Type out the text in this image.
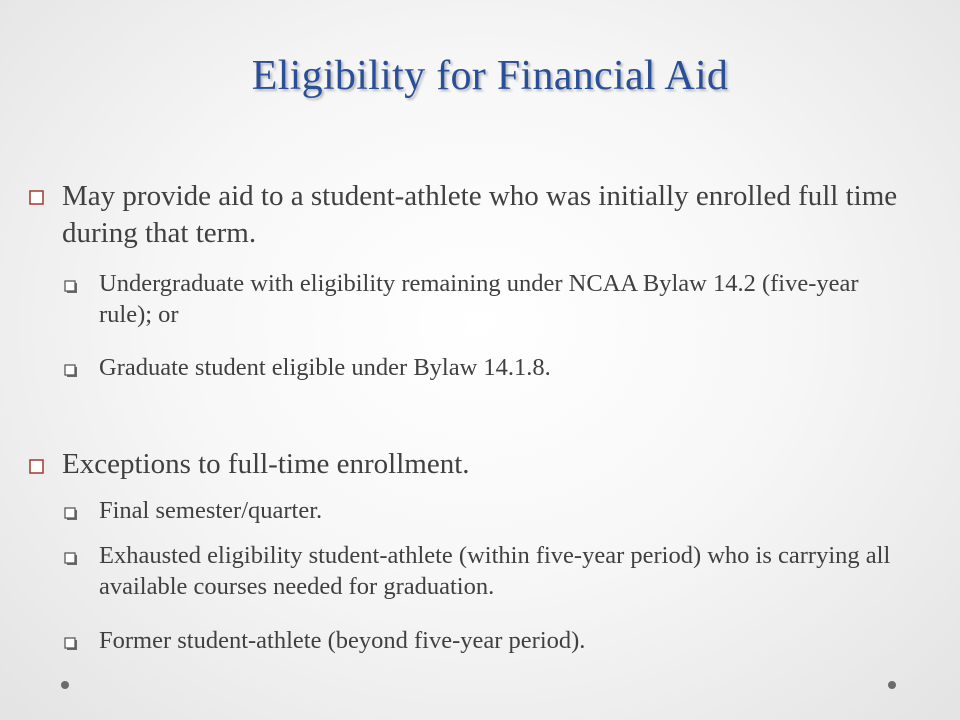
Eligibility for Financial Aid
May provide aid to a student-athlete who was initially enrolled full time during that term.
Undergraduate with eligibility remaining under NCAA Bylaw 14.2 (five-year rule); or
Graduate student eligible under Bylaw 14.1.8.
Exceptions to full-time enrollment.
Final semester/quarter.
Exhausted eligibility student-athlete (within five-year period) who is carrying all available courses needed for graduation.
Former student-athlete (beyond five-year period).
